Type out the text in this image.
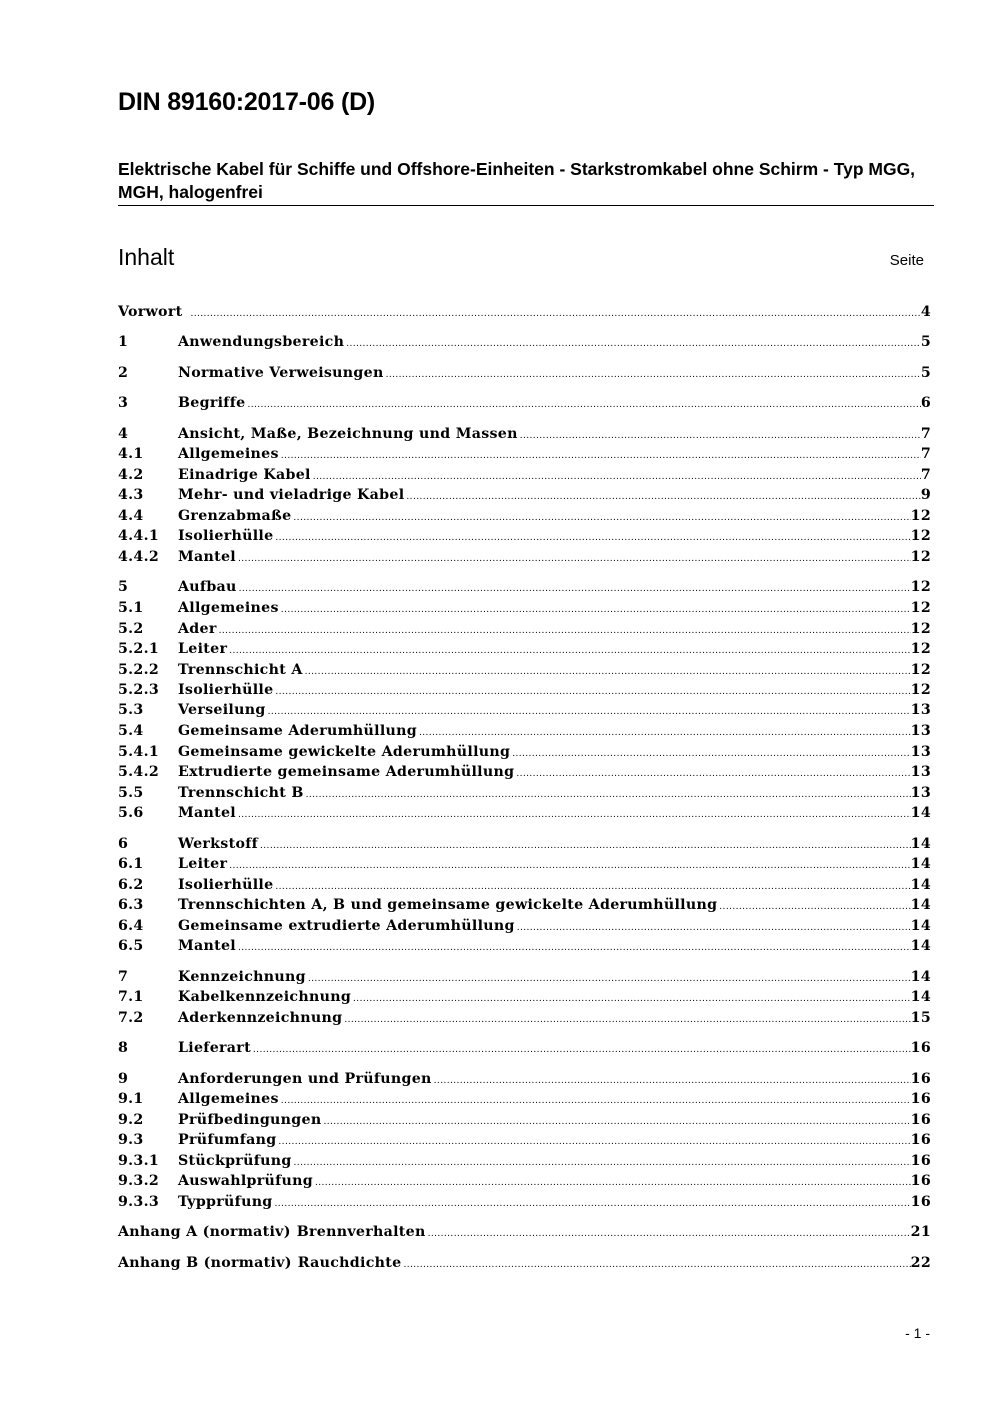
DIN 89160:2017-06 (D)
Elektrische Kabel für Schiffe und Offshore-Einheiten - Starkstromkabel ohne Schirm - Typ MGG, MGH, halogenfrei
Inhalt	Seite
Vorwort .....	4
1	Anwendungsbereich .....	5
2	Normative Verweisungen .....	5
3	Begriffe .....	6
4	Ansicht, Maße, Bezeichnung und Massen .....	7
4.1	Allgemeines .....	7
4.2	Einadrige Kabel .....	7
4.3	Mehr- und vieladrige Kabel .....	9
4.4	Grenzabmaße .....	12
4.4.1	Isolierhülle .....	12
4.4.2	Mantel .....	12
5	Aufbau .....	12
5.1	Allgemeines .....	12
5.2	Ader .....	12
5.2.1	Leiter .....	12
5.2.2	Trennschicht A .....	12
5.2.3	Isolierhülle .....	12
5.3	Verseilung .....	13
5.4	Gemeinsame Aderumhüllung .....	13
5.4.1	Gemeinsame gewickelte Aderumhüllung .....	13
5.4.2	Extrudierte gemeinsame Aderumhüllung .....	13
5.5	Trennschicht B .....	13
5.6	Mantel .....	14
6	Werkstoff .....	14
6.1	Leiter .....	14
6.2	Isolierhülle .....	14
6.3	Trennschichten A, B und gemeinsame gewickelte Aderumhüllung .....	14
6.4	Gemeinsame extrudierte Aderumhüllung .....	14
6.5	Mantel .....	14
7	Kennzeichnung .....	14
7.1	Kabelkennzeichnung .....	14
7.2	Aderkennzeichnung .....	15
8	Lieferart .....	16
9	Anforderungen und Prüfungen .....	16
9.1	Allgemeines .....	16
9.2	Prüfbedingungen .....	16
9.3	Prüfumfang .....	16
9.3.1	Stückprüfung .....	16
9.3.2	Auswahlprüfung .....	16
9.3.3	Typprüfung .....	16
Anhang A (normativ) Brennverhalten .....	21
Anhang B (normativ) Rauchdichte .....	22
- 1 -
